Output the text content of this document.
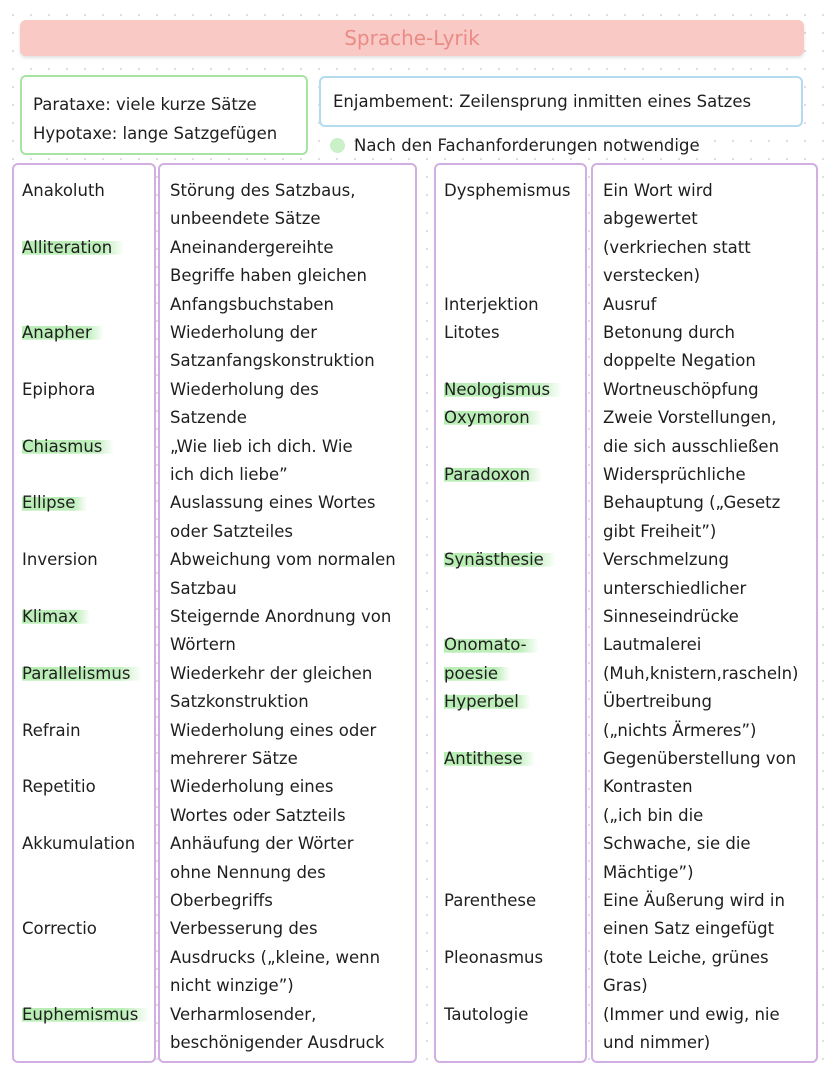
Sprache-Lyrik
Parataxe: viele kurze Sätze
Hypotaxe: lange Satzgefügen
Enjambement: Zeilensprung inmitten eines Satzes
Nach den Fachanforderungen notwendige
Anakoluth
Alliteration
Anapher
Epiphora
Chiasmus
Ellipse
Inversion
Klimax
Parallelismus
Refrain
Repetitio
Akkumulation
Correctio
Euphemismus
Störung des Satzbaus,
unbeendete Sätze
Aneinandergereihte
Begriffe haben gleichen
Anfangsbuchstaben
Wiederholung der
Satzanfangskonstruktion
Wiederholung des
Satzende
„Wie lieb ich dich. Wie
ich dich liebe”
Auslassung eines Wortes
oder Satzteiles
Abweichung vom normalen
Satzbau
Steigernde Anordnung von
Wörtern
Wiederkehr der gleichen
Satzkonstruktion
Wiederholung eines oder
mehrerer Sätze
Wiederholung eines
Wortes oder Satzteils
Anhäufung der Wörter
ohne Nennung des
Oberbegriffs
Verbesserung des
Ausdrucks („kleine, wenn
nicht winzige”)
Verharmlosender,
beschönigender Ausdruck
Dysphemismus
Interjektion
Litotes
Neologismus
Oxymoron
Paradoxon
Synästhesie
Onomato-
poesie
Hyperbel
Antithese
Parenthese
Pleonasmus
Tautologie
Ein Wort wird
abgewertet
(verkriechen statt
verstecken)
Ausruf
Betonung durch
doppelte Negation
Wortneuschöpfung
Zweie Vorstellungen,
die sich ausschließen
Widersprüchliche
Behauptung („Gesetz
gibt Freiheit”)
Verschmelzung
unterschiedlicher
Sinneseindrücke
Lautmalerei
(Muh,knistern,rascheln)
Übertreibung
(„nichts Ärmeres”)
Gegenüberstellung von
Kontrasten
(„ich bin die
Schwache, sie die
Mächtige”)
Eine Äußerung wird in
einen Satz eingefügt
(tote Leiche, grünes
Gras)
(Immer und ewig, nie
und nimmer)
